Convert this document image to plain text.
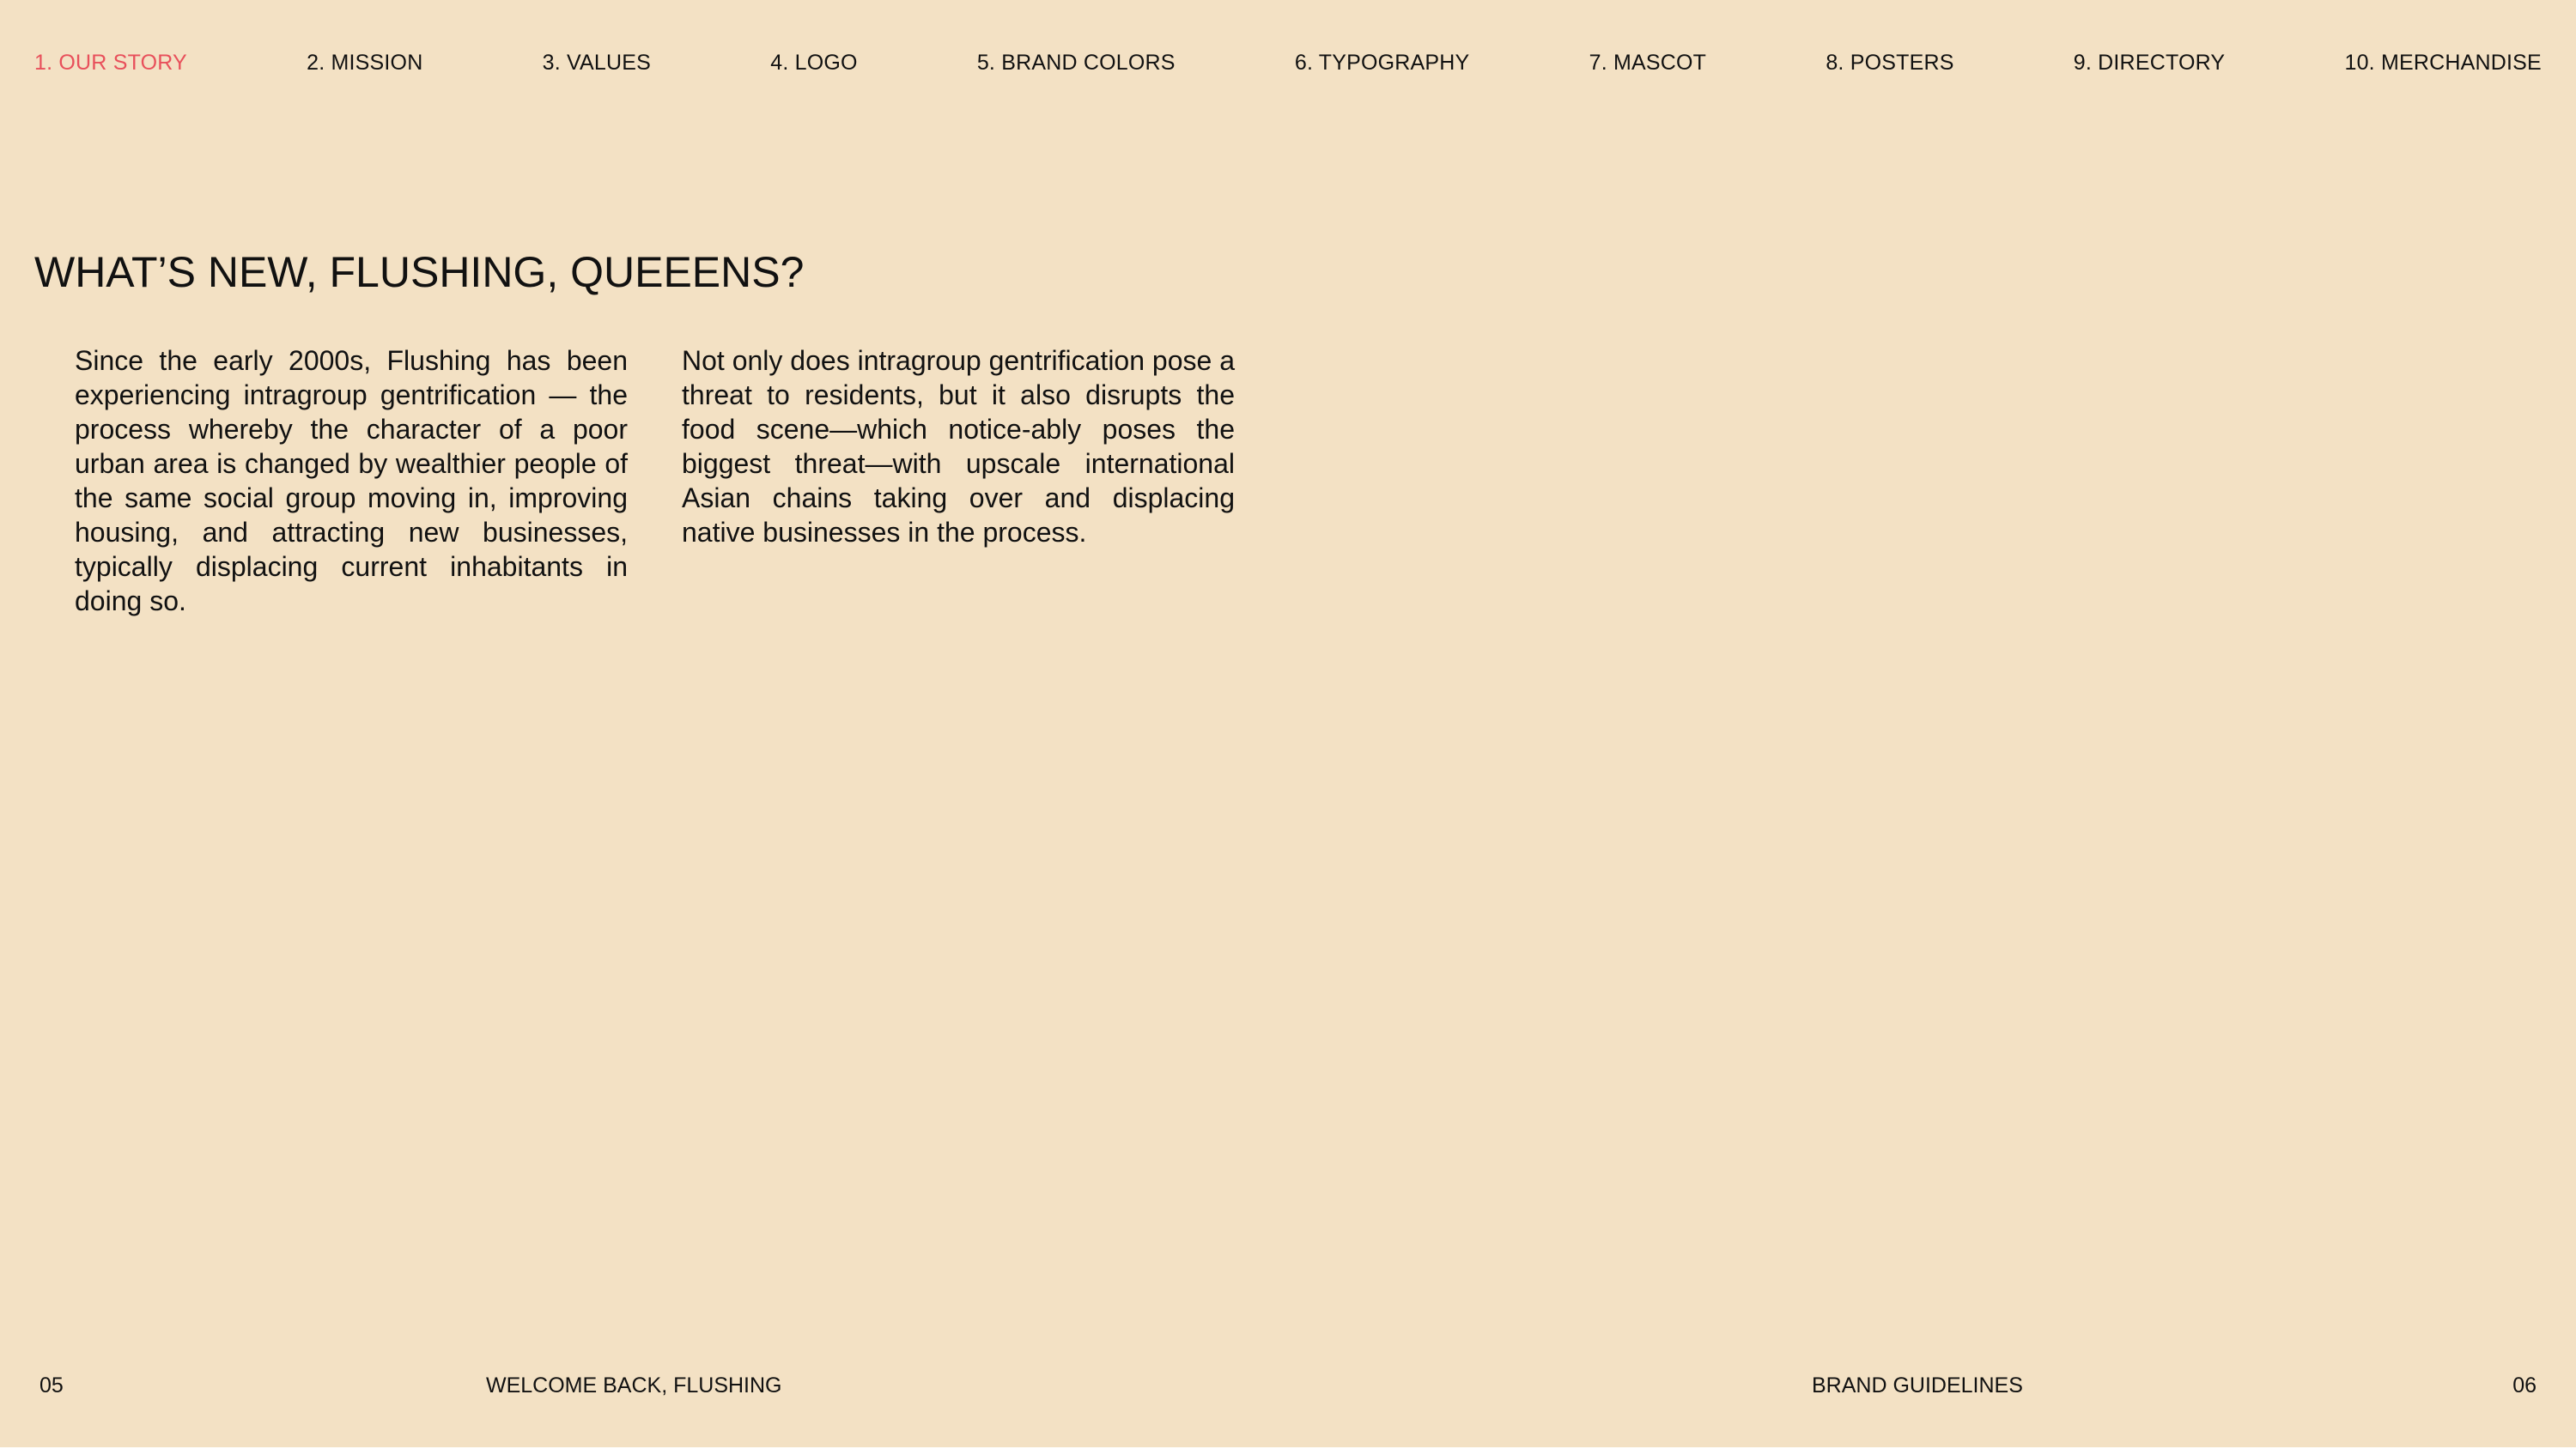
1. OUR STORY	2. MISSION	3. VALUES	4. LOGO	5. BRAND COLORS	6. TYPOGRAPHY	7. MASCOT	8. POSTERS	9. DIRECTORY	10. MERCHANDISE
WHAT’S NEW, FLUSHING, QUEEENS?

Since the early 2000s, Flushing has been experiencing intragroup gentrification — the process whereby the character of a poor urban area is changed by wealthier people of the same social group moving in, improving housing, and attracting new businesses, typically displacing current inhabitants in doing so.

Not only does intragroup gentrification pose a threat to residents, but it also disrupts the food scene—which notice-ably poses the biggest threat—with upscale international Asian chains taking over and displacing native businesses in the process.

05	WELCOME BACK, FLUSHING	BRAND GUIDELINES	06
